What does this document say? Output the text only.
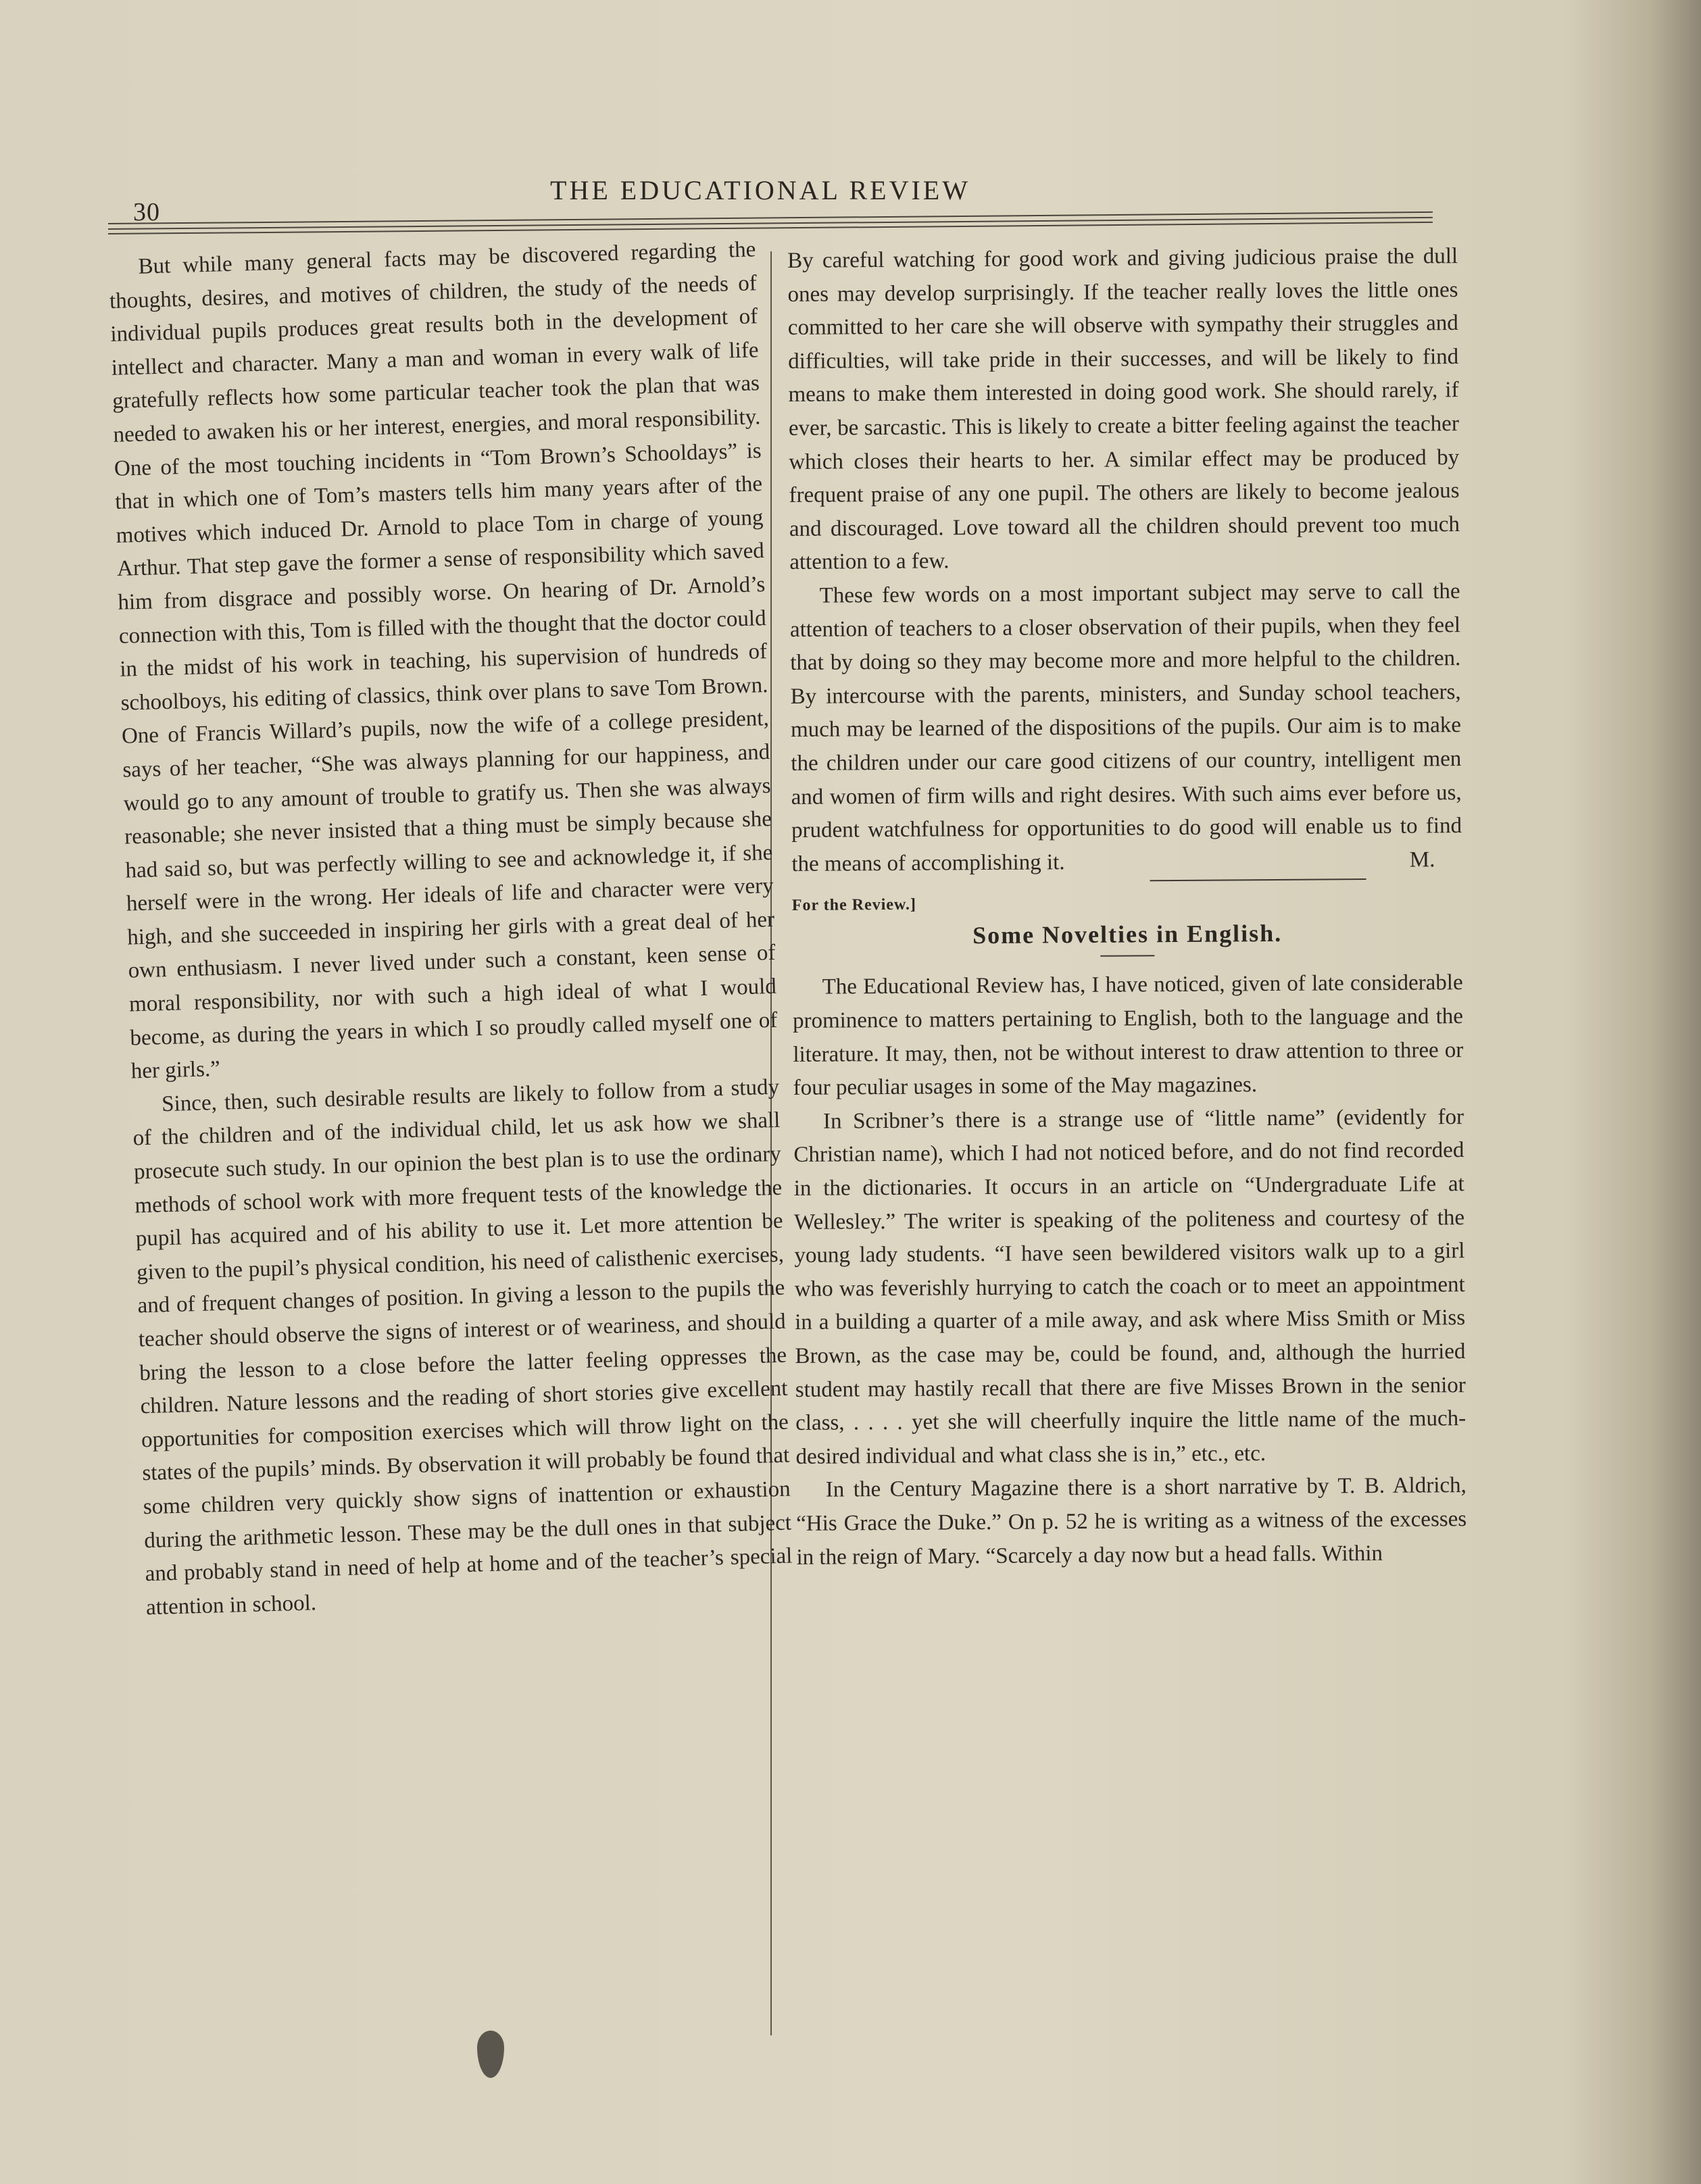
30
THE EDUCATIONAL REVIEW

But while many general facts may be discovered regarding the thoughts, desires, and motives of children, the study of the needs of individual pupils produces great results both in the development of intellect and character. Many a man and woman in every walk of life gratefully reflects how some particular teacher took the plan that was needed to awaken his or her interest, energies, and moral responsibility. One of the most touching incidents in “Tom Brown’s Schooldays” is that in which one of Tom’s masters tells him many years after of the motives which induced Dr. Arnold to place Tom in charge of young Arthur. That step gave the former a sense of responsibility which saved him from disgrace and possibly worse. On hearing of Dr. Arnold’s connection with this, Tom is filled with the thought that the doctor could in the midst of his work in teaching, his supervision of hundreds of schoolboys, his editing of classics, think over plans to save Tom Brown. One of Francis Willard’s pupils, now the wife of a college president, says of her teacher, “She was always planning for our happiness, and would go to any amount of trouble to gratify us. Then she was always reasonable; she never insisted that a thing must be simply because she had said so, but was perfectly willing to see and acknowledge it, if she herself were in the wrong. Her ideals of life and character were very high, and she succeeded in inspiring her girls with a great deal of her own enthusiasm. I never lived under such a constant, keen sense of moral responsibility, nor with such a high ideal of what I would become, as during the years in which I so proudly called myself one of her girls.”

Since, then, such desirable results are likely to follow from a study of the children and of the individual child, let us ask how we shall prosecute such study. In our opinion the best plan is to use the ordinary methods of school work with more frequent tests of the knowledge the pupil has acquired and of his ability to use it. Let more attention be given to the pupil’s physical condition, his need of calisthenic exercises, and of frequent changes of position. In giving a lesson to the pupils the teacher should observe the signs of interest or of weariness, and should bring the lesson to a close before the latter feeling oppresses the children. Nature lessons and the reading of short stories give excellent opportunities for composition exercises which will throw light on the states of the pupils’ minds. By observation it will probably be found that some children very quickly show signs of inattention or exhaustion during the arithmetic lesson. These may be the dull ones in that subject and probably stand in need of help at home and of the teacher’s special attention in school.

By careful watching for good work and giving judicious praise the dull ones may develop surprisingly. If the teacher really loves the little ones committed to her care she will observe with sympathy their struggles and difficulties, will take pride in their successes, and will be likely to find means to make them interested in doing good work. She should rarely, if ever, be sarcastic. This is likely to create a bitter feeling against the teacher which closes their hearts to her. A similar effect may be produced by frequent praise of any one pupil. The others are likely to become jealous and discouraged. Love toward all the children should prevent too much attention to a few.

These few words on a most important subject may serve to call the attention of teachers to a closer observation of their pupils, when they feel that by doing so they may become more and more helpful to the children. By intercourse with the parents, ministers, and Sunday school teachers, much may be learned of the dispositions of the pupils. Our aim is to make the children under our care good citizens of our country, intelligent men and women of firm wills and right desires. With such aims ever before us, prudent watchfulness for opportunities to do good will enable us to find the means of accomplishing it.	M.

For the Review.]
Some Novelties in English.

The Educational Review has, I have noticed, given of late considerable prominence to matters pertaining to English, both to the language and the literature. It may, then, not be without interest to draw attention to three or four peculiar usages in some of the May magazines.

In Scribner’s there is a strange use of “little name” (evidently for Christian name), which I had not noticed before, and do not find recorded in the dictionaries. It occurs in an article on “Undergraduate Life at Wellesley.” The writer is speaking of the politeness and courtesy of the young lady students. “I have seen bewildered visitors walk up to a girl who was feverishly hurrying to catch the coach or to meet an appointment in a building a quarter of a mile away, and ask where Miss Smith or Miss Brown, as the case may be, could be found, and, although the hurried student may hastily recall that there are five Misses Brown in the senior class, . . . . yet she will cheerfully inquire the little name of the much-desired individual and what class she is in,” etc., etc.

In the Century Magazine there is a short narrative by T. B. Aldrich, “His Grace the Duke.” On p. 52 he is writing as a witness of the excesses in the reign of Mary. “Scarcely a day now but a head falls. Within
